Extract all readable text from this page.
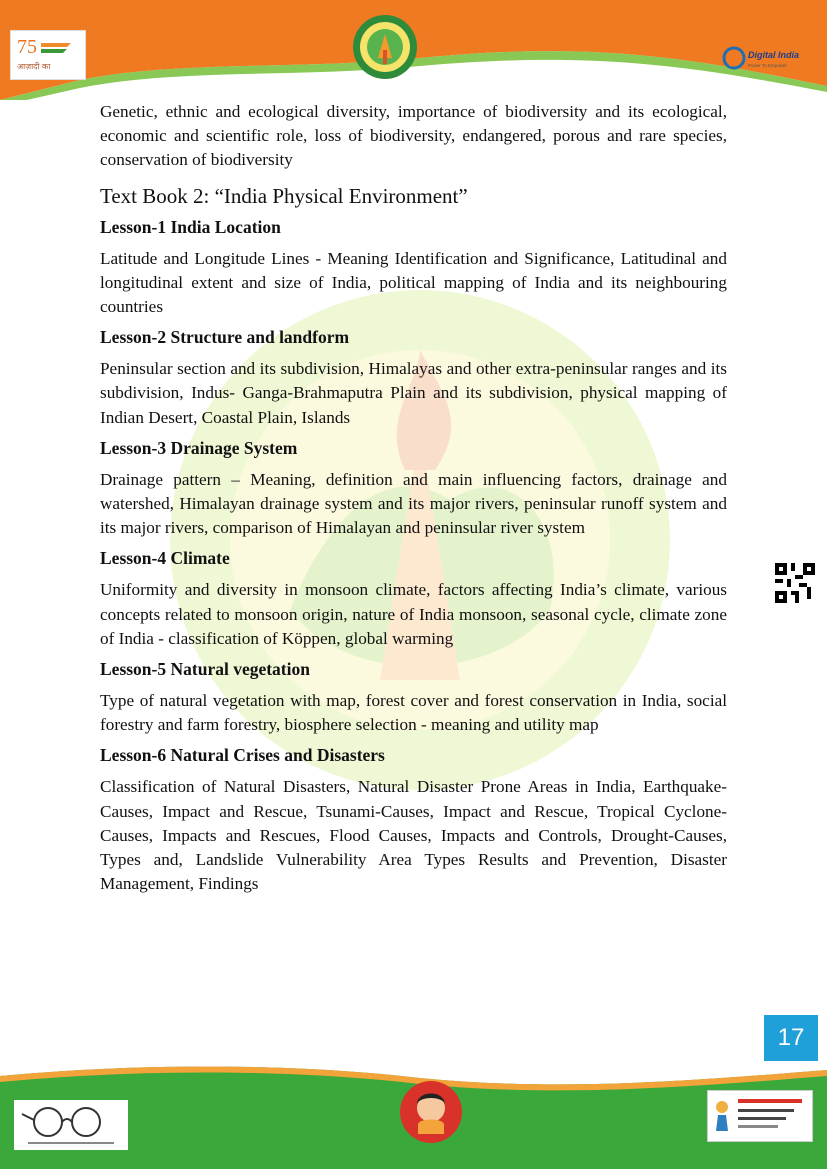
75
आज़ादी का
Digital India
Power To Empower

Genetic, ethnic and ecological diversity, importance of biodiversity and its ecological, economic and scientific role, loss of biodiversity, endangered, porous and rare species, conservation of biodiversity

Text Book 2: “India Physical Environment”
Lesson-1 India Location

Latitude and Longitude Lines - Meaning Identification and Significance, Latitudinal and longitudinal extent and size of India, political mapping of India and its neighbouring countries

Lesson-2 Structure and landform

Peninsular section and its subdivision, Himalayas and other extra-peninsular ranges and its subdivision, Indus- Ganga-Brahmaputra Plain and its subdivision, physical mapping of Indian Desert, Coastal Plain, Islands

Lesson-3 Drainage System

Drainage pattern – Meaning, definition and main influencing factors, drainage and watershed, Himalayan drainage system and its major rivers, peninsular runoff system and its major rivers, comparison of Himalayan and peninsular river system

Lesson-4 Climate

Uniformity and diversity in monsoon climate, factors affecting India’s climate, various concepts related to monsoon origin, nature of India monsoon, seasonal cycle, climate zone of India - classification of Köppen, global warming

Lesson-5 Natural vegetation

Type of natural vegetation with map, forest cover and forest conservation in India, social forestry and farm forestry, biosphere selection - meaning and utility map

Lesson-6 Natural Crises and Disasters

Classification of Natural Disasters, Natural Disaster Prone Areas in India, Earthquake-Causes, Impact and Rescue, Tsunami-Causes, Impact and Rescue, Tropical Cyclone-Causes, Impacts and Rescues, Flood Causes, Impacts and Controls, Drought-Causes, Types and, Landslide Vulnerability Area Types Results and Prevention, Disaster Management, Findings

17
